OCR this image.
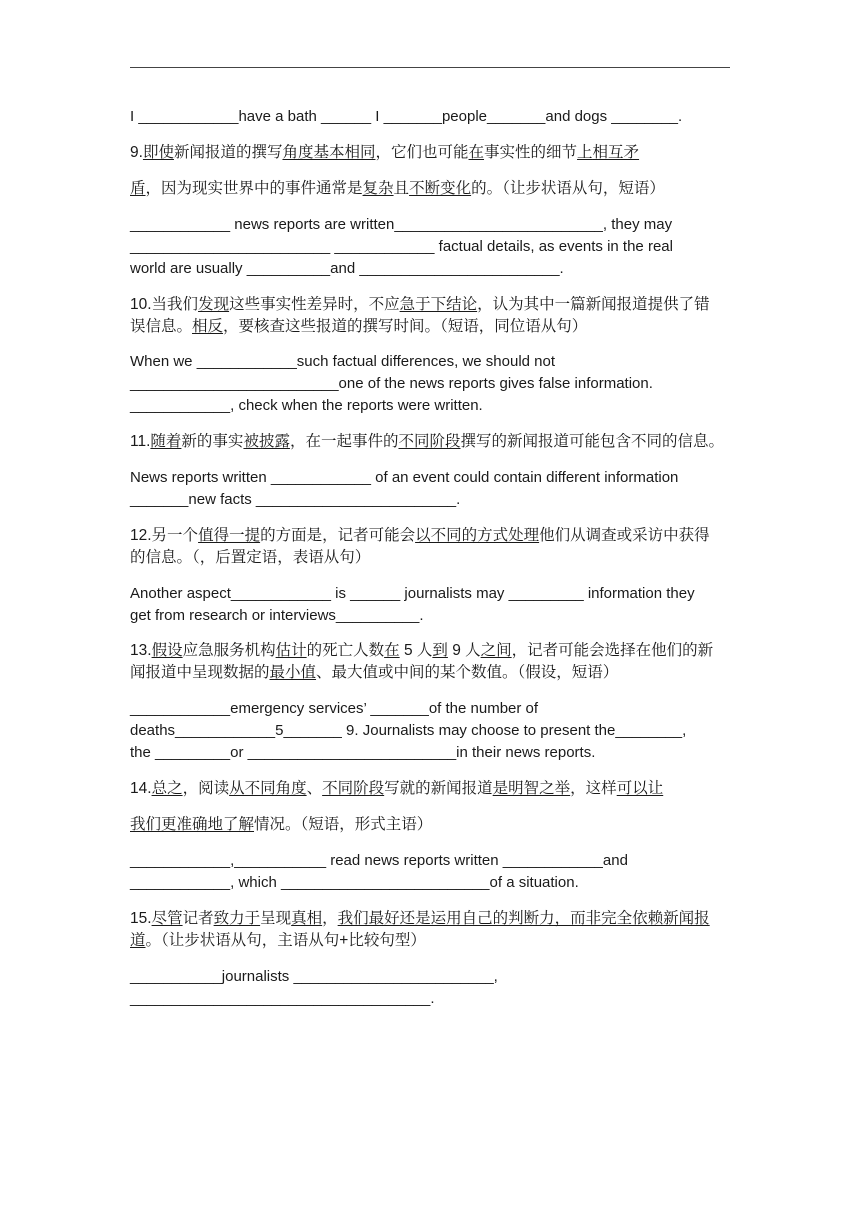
I ____________have a bath ______ I _______people_______and dogs ________.
9.即使新闻报道的撰写角度基本相同，它们也可能在事实性的细节上相互矛
盾，因为现实世界中的事件通常是复杂且不断变化的。（让步状语从句，短语）
____________ news reports are written_________________________, they may
________________________ ____________ factual details, as events in the real
world are usually __________and ________________________.
10.当我们发现这些事实性差异时，不应急于下结论，认为其中一篇新闻报道提供了错
误信息。相反，要核查这些报道的撰写时间。（短语，同位语从句）
When we ____________such factual differences, we should not
_________________________one of the news reports gives false information.
____________, check when the reports were written.
11.随着新的事实被披露，在一起事件的不同阶段撰写的新闻报道可能包含不同的信息。
News reports written ____________ of an event could contain different information
_______new facts ________________________.
12.另一个值得一提的方面是，记者可能会以不同的方式处理他们从调查或采访中获得
的信息。（，后置定语，表语从句）
Another aspect____________ is ______ journalists may _________ information they
get from research or interviews__________.
13.假设应急服务机构估计的死亡人数在 5 人到 9 人之间，记者可能会选择在他们的新
闻报道中呈现数据的最小值、最大值或中间的某个数值。（假设，短语）
____________emergency services’ _______of the number of
deaths____________5_______ 9. Journalists may choose to present the________,
the _________or _________________________in their news reports.
14.总之，阅读从不同角度、不同阶段写就的新闻报道是明智之举，这样可以让
我们更准确地了解情况。（短语，形式主语）
____________,___________ read news reports written ____________and
____________, which _________________________of a situation.
15.尽管记者致力于呈现真相，我们最好还是运用自己的判断力，而非完全依赖新闻报
道。（让步状语从句，主语从句+比较句型）
___________journalists ________________________,
____________________________________.
